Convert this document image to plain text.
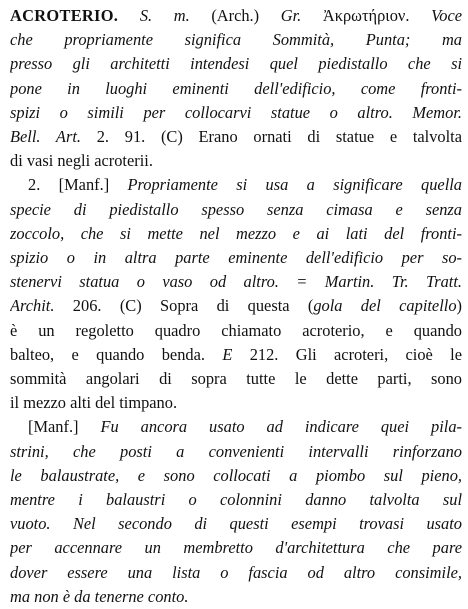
ACROTERIO. S. m. (Arch.) Gr. Ἀκρωτήριον. Voce
che propriamente significa Sommità, Punta; ma
presso gli architetti intendesi quel piedistallo che si
pone in luoghi eminenti dell'edificio, come fronti-
spizi o simili per collocarvi statue o altro. Memor.
Bell. Art. 2. 91. (C) Erano ornati di statue e talvolta
di vasi negli acroterii.
2. [Manf.] Propriamente si usa a significare quella
specie di piedistallo spesso senza cimasa e senza
zoccolo, che si mette nel mezzo e ai lati del fronti-
spizio o in altra parte eminente dell'edificio per so-
stenervi statua o vaso od altro. = Martin. Tr. Tratt.
Archit. 206. (C) Sopra di questa (gola del capitello)
è un regoletto quadro chiamato acroterio, e quando
balteo, e quando benda. E 212. Gli acroteri, cioè le
sommità angolari di sopra tutte le dette parti, sono
il mezzo alti del timpano.
[Manf.] Fu ancora usato ad indicare quei pila-
strini, che posti a convenienti intervalli rinforzano
le balaustrate, e sono collocati a piombo sul pieno,
mentre i balaustri o colonnini danno talvolta sul
vuoto. Nel secondo di questi esempi trovasi usato
per accennare un membretto d'architettura che pare
dover essere una lista o fascia od altro consimile,
ma non è da tenerne conto.
